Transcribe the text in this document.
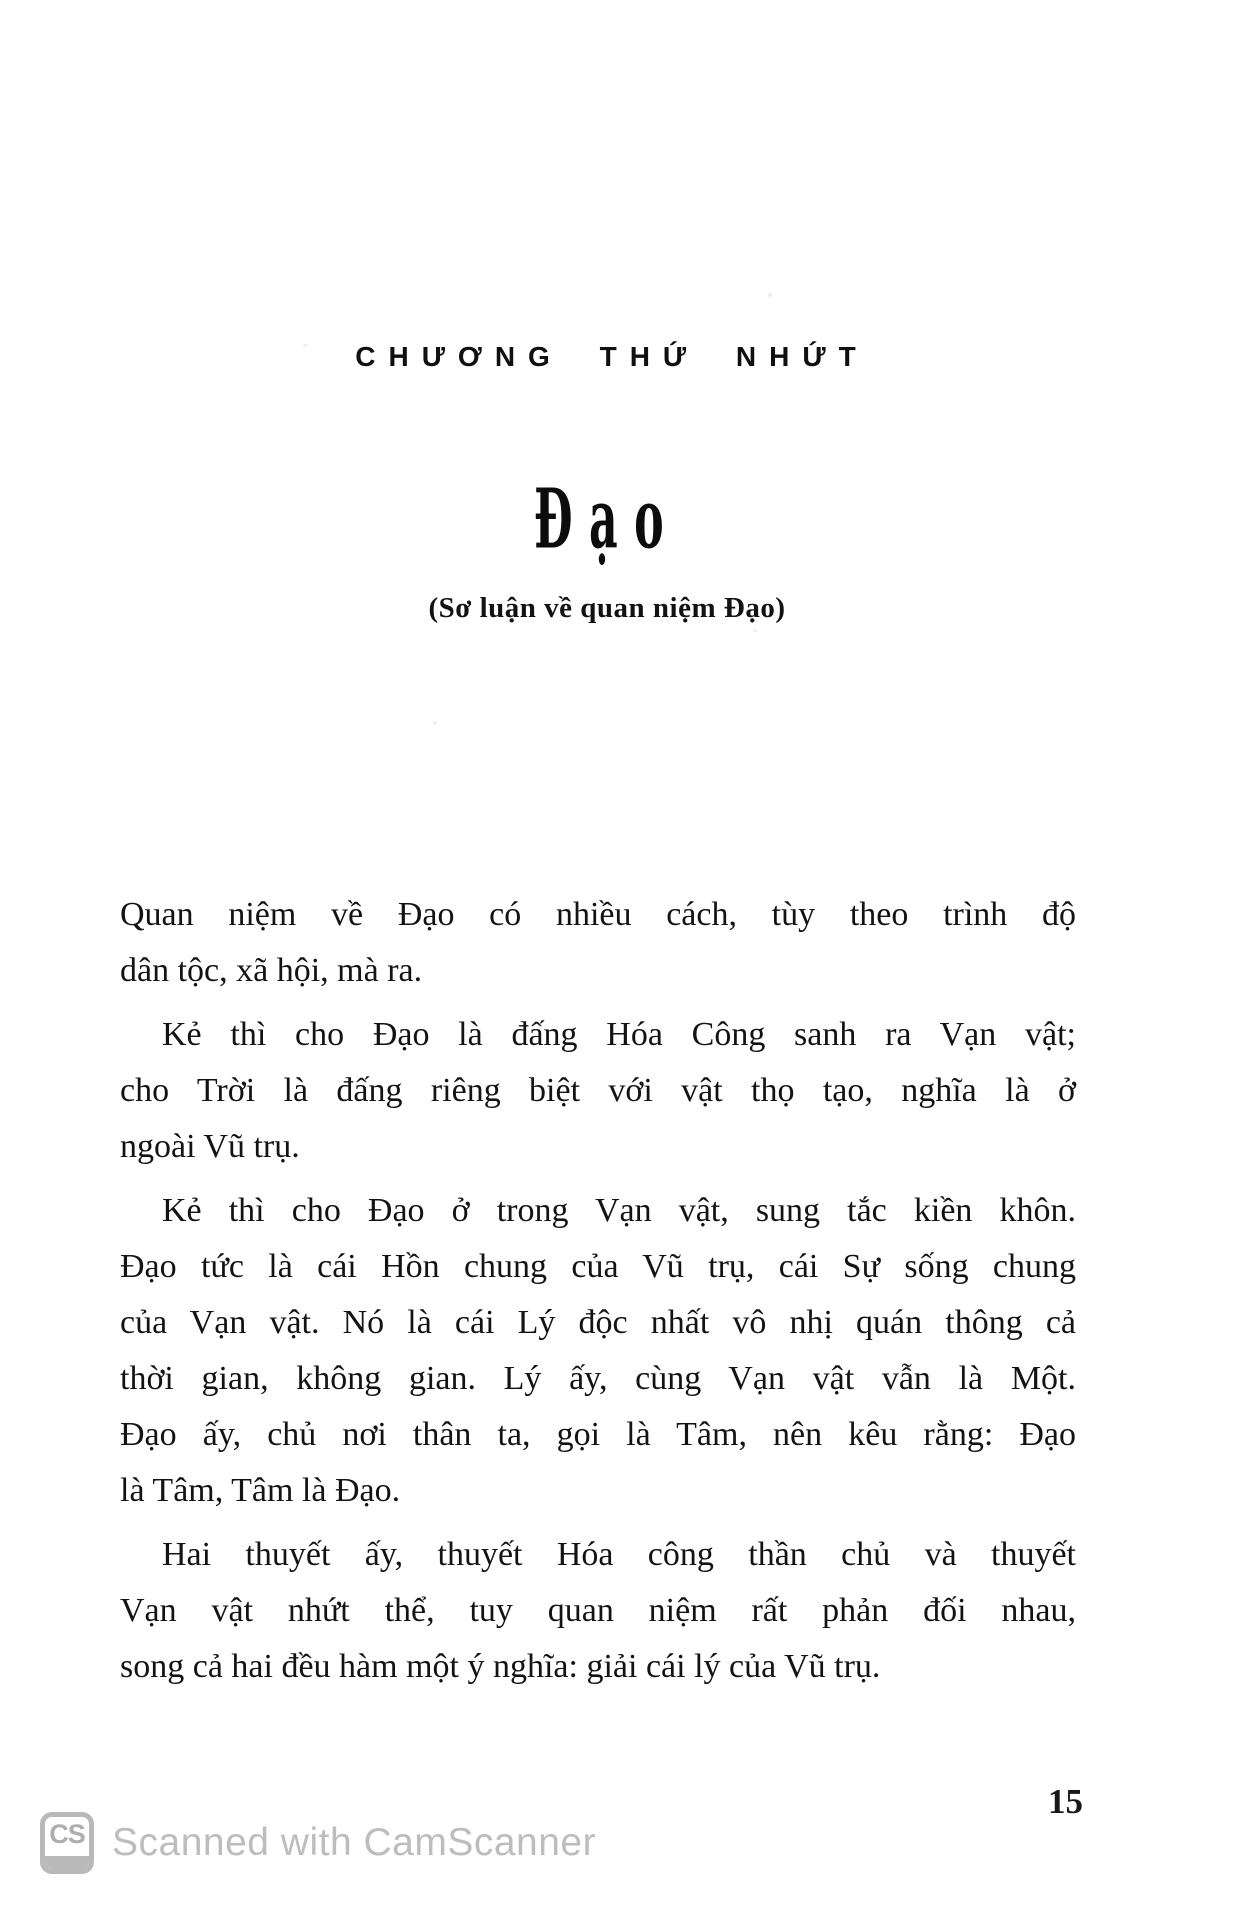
CHƯƠNG THỨ NHỨT
Đạo
(Sơ luận về quan niệm Đạo)
Quan niệm về Đạo có nhiều cách, tùy theo trình độ
dân tộc, xã hội, mà ra.
Kẻ thì cho Đạo là đấng Hóa Công sanh ra Vạn vật;
cho Trời là đấng riêng biệt với vật thọ tạo, nghĩa là ở
ngoài Vũ trụ.
Kẻ thì cho Đạo ở trong Vạn vật, sung tắc kiền khôn.
Đạo tức là cái Hồn chung của Vũ trụ, cái Sự sống chung
của Vạn vật. Nó là cái Lý độc nhất vô nhị quán thông cả
thời gian, không gian. Lý ấy, cùng Vạn vật vẫn là Một.
Đạo ấy, chủ nơi thân ta, gọi là Tâm, nên kêu rằng: Đạo
là Tâm, Tâm là Đạo.
Hai thuyết ấy, thuyết Hóa công thần chủ và thuyết
Vạn vật nhứt thể, tuy quan niệm rất phản đối nhau,
song cả hai đều hàm một ý nghĩa: giải cái lý của Vũ trụ.
15
CS Scanned with CamScanner
